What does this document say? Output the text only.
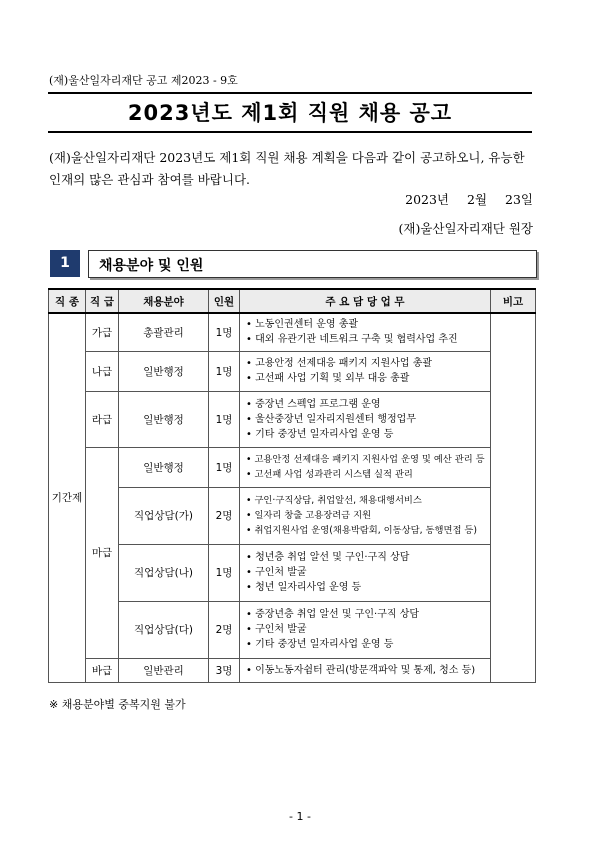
(재)울산일자리재단 공고 제2023 - 9호
2023년도 제1회 직원 채용 공고
(재)울산일자리재단 2023년도 제1회 직원 채용 계획을 다음과 같이 공고하오니, 유능한 인재의 많은 관심과 참여를 바랍니다.
2023년 2월 23일
(재)울산일자리재단 원장
1	채용분야 및 인원
직 종	직 급	채용분야	인원	주 요 담 당 업 무	비고
기간제	가급	총괄관리	1명	• 노동인권센터 운영 총괄
• 대외 유관기관 네트워크 구축 및 협력사업 추진	

	나급	일반행정	1명	• 고용안정 선제대응 패키지 지원사업 총괄
• 고선패 사업 기획 및 외부 대응 총괄	

	라급	일반행정	1명	• 중장년 스펙업 프로그램 운영
• 울산중장년 일자리지원센터 행정업무
• 기타 중장년 일자리사업 운영 등	

	마급	일반행정	1명	• 고용안정 선제대응 패키지 지원사업 운영 및 예산 관리 등
• 고선패 사업 성과관리 시스템 실적 관리	

		직업상담(가)	2명	• 구인·구직상담, 취업알선, 채용대행서비스
• 일자리 창출 고용장려금 지원
• 취업지원사업 운영(채용박람회, 이동상담, 동행면접 등)	

		직업상담(나)	1명	• 청년층 취업 알선 및 구인·구직 상담
• 구인처 발굴
• 청년 일자리사업 운영 등	

		직업상담(다)	2명	• 중장년층 취업 알선 및 구인·구직 상담
• 구인처 발굴
• 기타 중장년 일자리사업 운영 등	

	바급	일반관리	3명	• 이동노동자쉼터 관리(방문객파악 및 통제, 청소 등)	
※ 채용분야별 중복지원 불가
- 1 -
